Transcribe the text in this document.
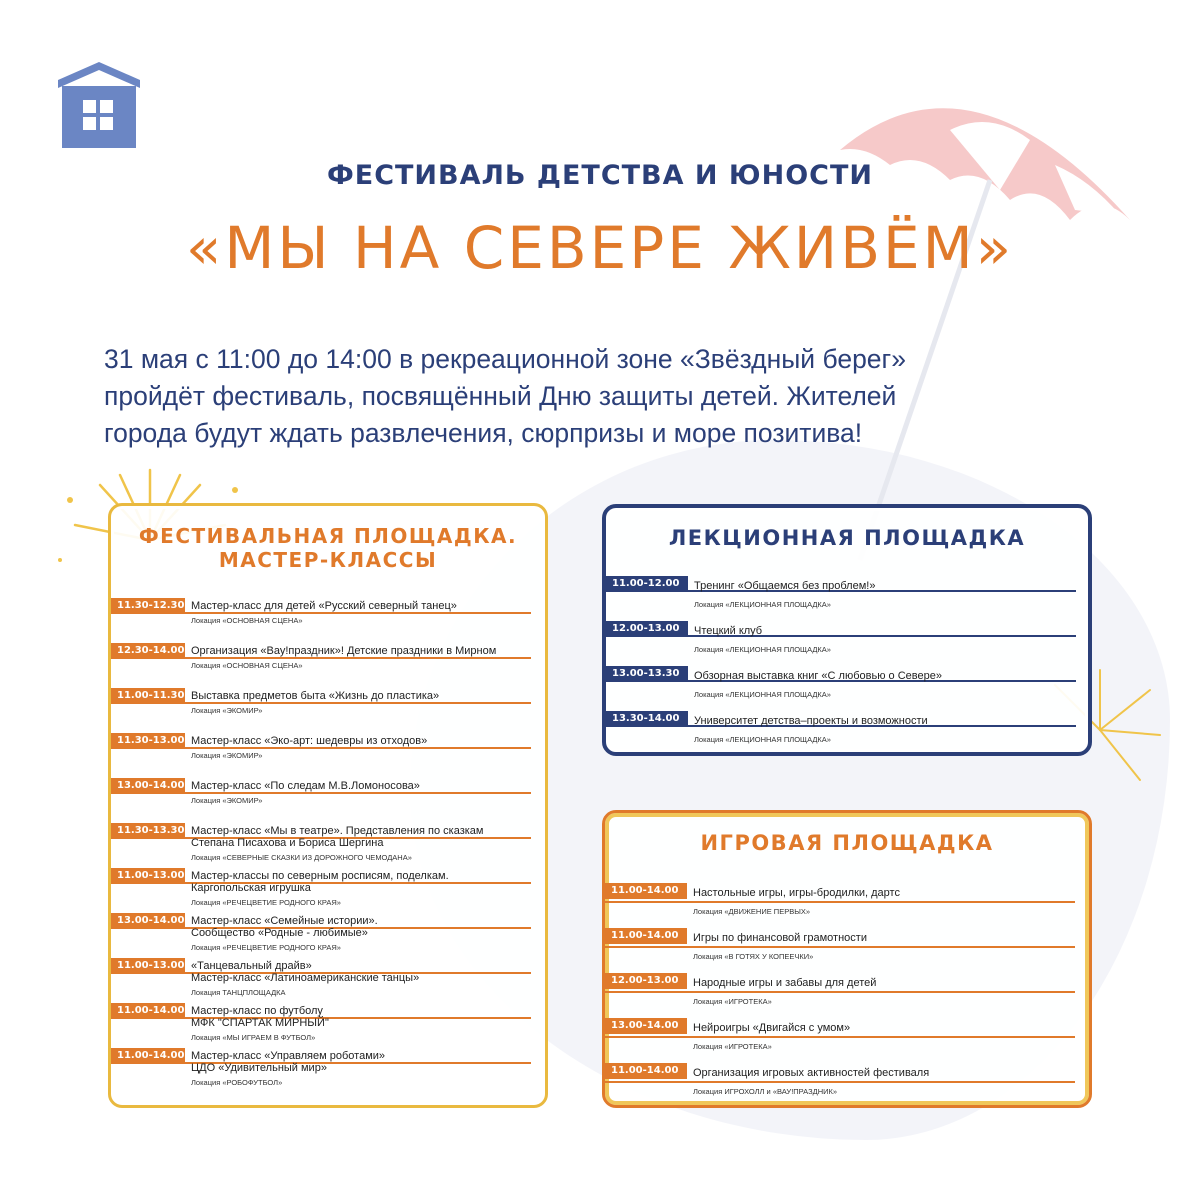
ФЕСТИВАЛЬ ДЕТСТВА И ЮНОСТИ
«МЫ НА СЕВЕРЕ ЖИВЁМ»
31 мая с 11:00 до 14:00 в рекреационной зоне «Звёздный берег»
пройдёт фестиваль, посвящённый Дню защиты детей. Жителей
города будут ждать развлечения, сюрпризы и море позитива!
ФЕСТИВАЛЬНАЯ ПЛОЩАДКА.
МАСТЕР-КЛАССЫ
11.30-12.30 Мастер-класс для детей «Русский северный танец»
Локация «ОСНОВНАЯ СЦЕНА»
12.30-14.00 Организация «Вау!праздник»! Детские праздники в Мирном
Локация «ОСНОВНАЯ СЦЕНА»
11.00-11.30 Выставка предметов быта «Жизнь до пластика»
Локация «ЭКОМИР»
11.30-13.00 Мастер-класс «Эко-арт: шедевры из отходов»
Локация «ЭКОМИР»
13.00-14.00 Мастер-класс «По следам М.В.Ломоносова»
Локация «ЭКОМИР»
11.30-13.30 Мастер-класс «Мы в театре». Представления по сказкам
Степана Писахова и Бориса Шергина
Локация «СЕВЕРНЫЕ СКАЗКИ ИЗ ДОРОЖНОГО ЧЕМОДАНА»
11.00-13.00 Мастер-классы по северным росписям, поделкам.
Каргопольская игрушка
Локация «РЕЧЕЦВЕТИЕ РОДНОГО КРАЯ»
13.00-14.00 Мастер-класс «Семейные истории».
Сообщество «Родные - любимые»
Локация «РЕЧЕЦВЕТИЕ РОДНОГО КРАЯ»
11.00-13.00 «Танцевальный драйв»
Мастер-класс «Латиноамериканские танцы»
Локация ТАНЦПЛОЩАДКА
11.00-14.00 Мастер-класс по футболу
МФК "СПАРТАК МИРНЫЙ"
Локация «МЫ ИГРАЕМ В ФУТБОЛ»
11.00-14.00 Мастер-класс «Управляем роботами»
ЦДО «Удивительный мир»
Локация «РОБОФУТБОЛ»
ЛЕКЦИОННАЯ ПЛОЩАДКА
11.00-12.00	Тренинг «Общаемся без проблем!»
Локация «ЛЕКЦИОННАЯ ПЛОЩАДКА»
12.00-13.00	Чтецкий клуб
Локация «ЛЕКЦИОННАЯ ПЛОЩАДКА»
13.00-13.30	Обзорная выставка книг «С любовью о Севере»
Локация «ЛЕКЦИОННАЯ ПЛОЩАДКА»
13.30-14.00	Университет детства–проекты и возможности
Локация «ЛЕКЦИОННАЯ ПЛОЩАДКА»
ИГРОВАЯ ПЛОЩАДКА
11.00-14.00	Настольные игры, игры-бродилки, дартс
Локация «ДВИЖЕНИЕ ПЕРВЫХ»
11.00-14.00	Игры по финансовой грамотности
Локация «В ГОТЯХ У КОПЕЕЧКИ»
12.00-13.00	Народные игры и забавы для детей
Локация «ИГРОТЕКА»
13.00-14.00	Нейроигры «Двигайся с умом»
Локация «ИГРОТЕКА»
11.00-14.00	Организация игровых активностей фестиваля
Локация ИГРОХОЛЛ и «ВАУ!ПРАЗДНИК»
